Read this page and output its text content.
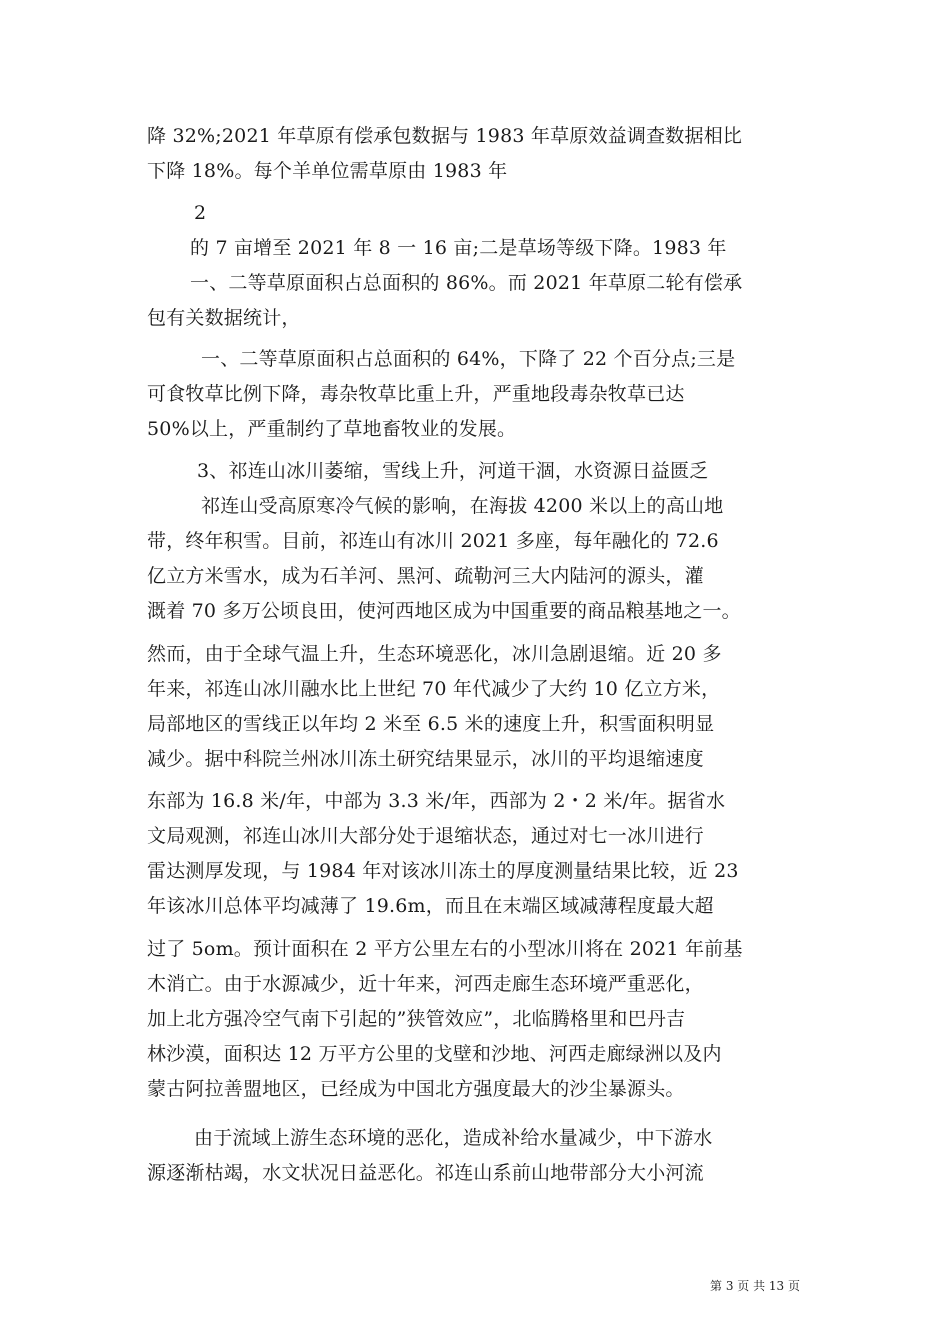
降 32%;2021 年草原有偿承包数据与 1983 年草原效益调查数据相比
下降 18%。每个羊单位需草原由 1983 年
2
的 7 亩增至 2021 年 8 一 16 亩;二是草场等级下降。1983 年
一、二等草原面积占总面积的 86%。而 2021 年草原二轮有偿承
包有关数据统计，
一、二等草原面积占总面积的 64%，下降了 22 个百分点;三是
可食牧草比例下降，毒杂牧草比重上升，严重地段毒杂牧草已达
50%以上，严重制约了草地畜牧业的发展。
3、祁连山冰川萎缩，雪线上升，河道干涸，水资源日益匮乏
祁连山受高原寒冷气候的影响，在海拔 4200 米以上的高山地
带，终年积雪。目前，祁连山有冰川 2021 多座，每年融化的 72.6
亿立方米雪水，成为石羊河、黑河、疏勒河三大内陆河的源头，灌
溉着 70 多万公顷良田，使河西地区成为中国重要的商品粮基地之一。
然而，由于全球气温上升，生态环境恶化，冰川急剧退缩。近 20 多
年来，祁连山冰川融水比上世纪 70 年代减少了大约 10 亿立方米，
局部地区的雪线正以年均 2 米至 6.5 米的速度上升，积雪面积明显
减少。据中科院兰州冰川冻土研究结果显示，冰川的平均退缩速度
东部为 16.8 米/年，中部为 3.3 米/年，西部为 2・2 米/年。据省水
文局观测，祁连山冰川大部分处于退缩状态，通过对七一冰川进行
雷达测厚发现，与 1984 年对该冰川冻土的厚度测量结果比较，近 23
年该冰川总体平均减薄了 19.6m，而且在末端区域减薄程度最大超
过了 5om。预计面积在 2 平方公里左右的小型冰川将在 2021 年前基
木消亡。由于水源减少，近十年来，河西走廊生态环境严重恶化，
加上北方强冷空气南下引起的”狭管效应”，北临腾格里和巴丹吉
林沙漠，面积达 12 万平方公里的戈壁和沙地、河西走廊绿洲以及内
蒙古阿拉善盟地区，已经成为中国北方强度最大的沙尘暴源头。
由于流域上游生态环境的恶化，造成补给水量减少，中下游水
源逐渐枯竭，水文状况日益恶化。祁连山系前山地带部分大小河流
第 3 页 共 13 页
